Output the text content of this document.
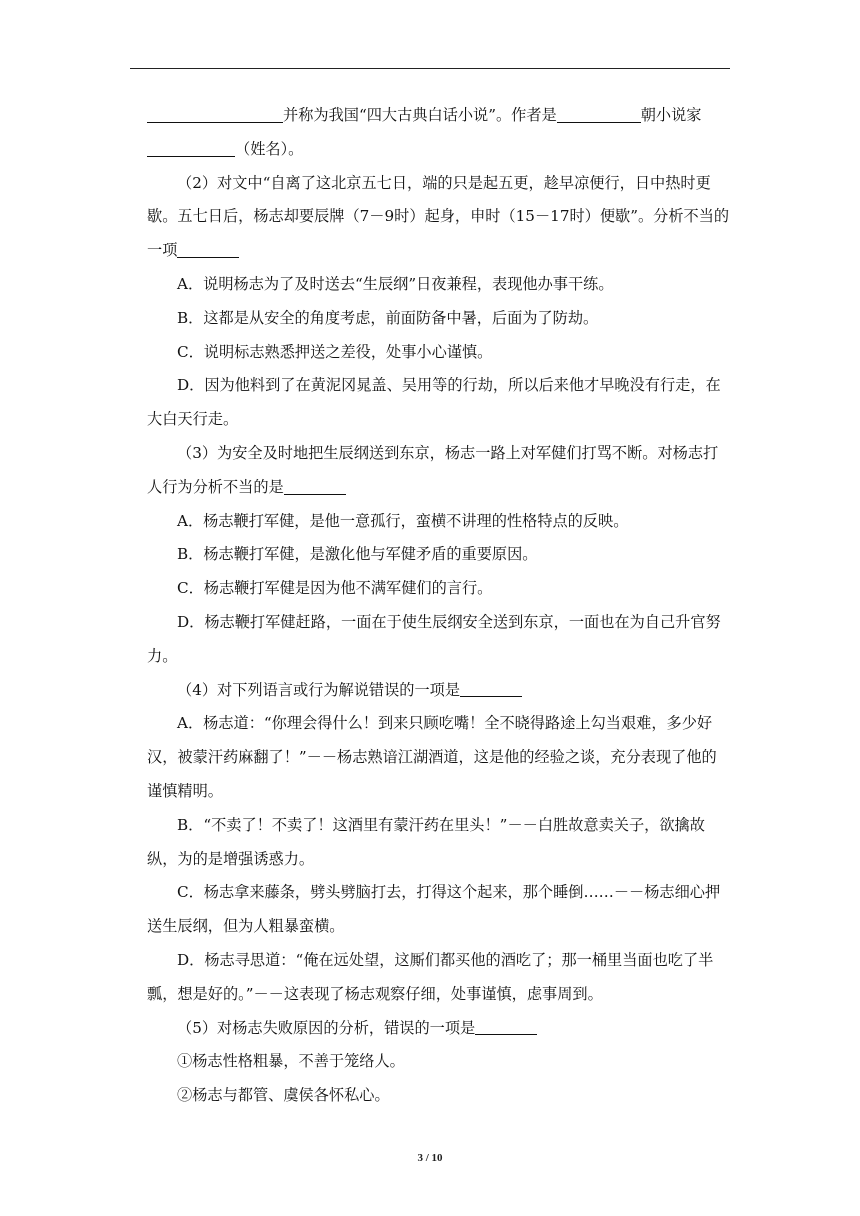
并称为我国“四大古典白话小说”。作者是	朝小说家（姓名）。

（2）对文中“自离了这北京五七日，端的只是起五更，趁早凉便行，日中热时更歇。五七日后，杨志却要辰牌（7－9时）起身，申时（15－17时）便歇”。分析不当的一项

A．说明杨志为了及时送去“生辰纲”日夜兼程，表现他办事干练。

B．这都是从安全的角度考虑，前面防备中暑，后面为了防劫。

C．说明标志熟悉押送之差役，处事小心谨慎。

D．因为他料到了在黄泥冈晁盖、吴用等的行劫，所以后来他才早晚没有行走，在大白天行走。

（3）为安全及时地把生辰纲送到东京，杨志一路上对军健们打骂不断。对杨志打人行为分析不当的是

A．杨志鞭打军健，是他一意孤行，蛮横不讲理的性格特点的反映。

B．杨志鞭打军健，是激化他与军健矛盾的重要原因。

C．杨志鞭打军健是因为他不满军健们的言行。

D．杨志鞭打军健赶路，一面在于使生辰纲安全送到东京，一面也在为自己升官努力。

（4）对下列语言或行为解说错误的一项是

A．杨志道：“你理会得什么！到来只顾吃嘴！全不晓得路途上勾当艰难，多少好汉，被蒙汗药麻翻了！”－－杨志熟谙江湖酒道，这是他的经验之谈，充分表现了他的谨慎精明。

B．“不卖了！不卖了！这酒里有蒙汗药在里头！”－－白胜故意卖关子，欲擒故纵，为的是增强诱惑力。

C．杨志拿来藤条，劈头劈脑打去，打得这个起来，那个睡倒……－－杨志细心押送生辰纲，但为人粗暴蛮横。

D．杨志寻思道：“俺在远处望，这厮们都买他的酒吃了；那一桶里当面也吃了半瓢，想是好的。”－－这表现了杨志观察仔细，处事谨慎，虑事周到。

（5）对杨志失败原因的分析，错误的一项是

①杨志性格粗暴，不善于笼络人。

②杨志与都管、虞侯各怀私心。

3 / 10
